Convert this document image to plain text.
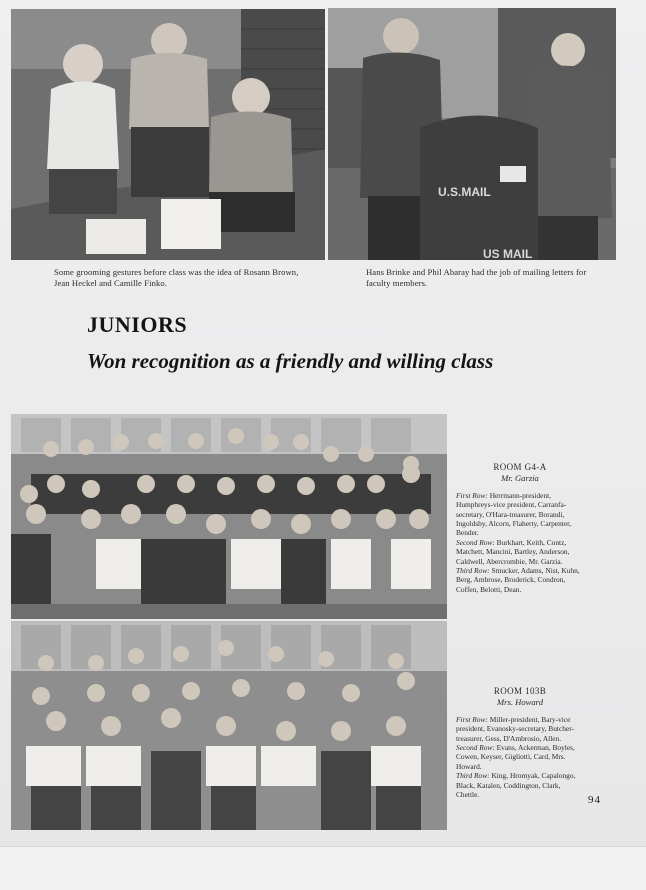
Some grooming gestures before class was the idea of Rosann Brown, Jean Heckel and Camille Finko.
U.S.MAIL
US MAIL
Hans Brinke and Phil Abaray had the job of mailing letters for faculty members.
JUNIORS
Won recognition as a friendly and willing class
ROOM G4-A
Mr. Garzia
First Row: Herrmann-president, Humphreys-vice president, Carranfa-secretary, O'Hara-treasurer, Borandi, Ingoldsby, Alcorn, Flaherty, Carpenter, Bender.
Second Row: Burkhart, Keith, Contz, Matchett, Mancini, Bartley, Anderson, Caldwell, Abercrombie, Mr. Garzia.
Third Row: Smucker, Adams, Nist, Kuhn, Berg, Ambrose, Broderick, Condron, Coffen, Belotti, Dean.
ROOM 103B
Mrs. Howard
First Row: Miller-president, Bary-vice president, Evanosky-secretary, Butcher-treasurer, Gess, D'Ambrosio, Allen.
Second Row: Evans, Ackerman, Boyles, Cowen, Keyser, Gigliotti, Card, Mrs. Howard.
Third Row: King, Hromyak, Capalongo, Black, Katalen, Coddington, Clark, Chettle.	94
